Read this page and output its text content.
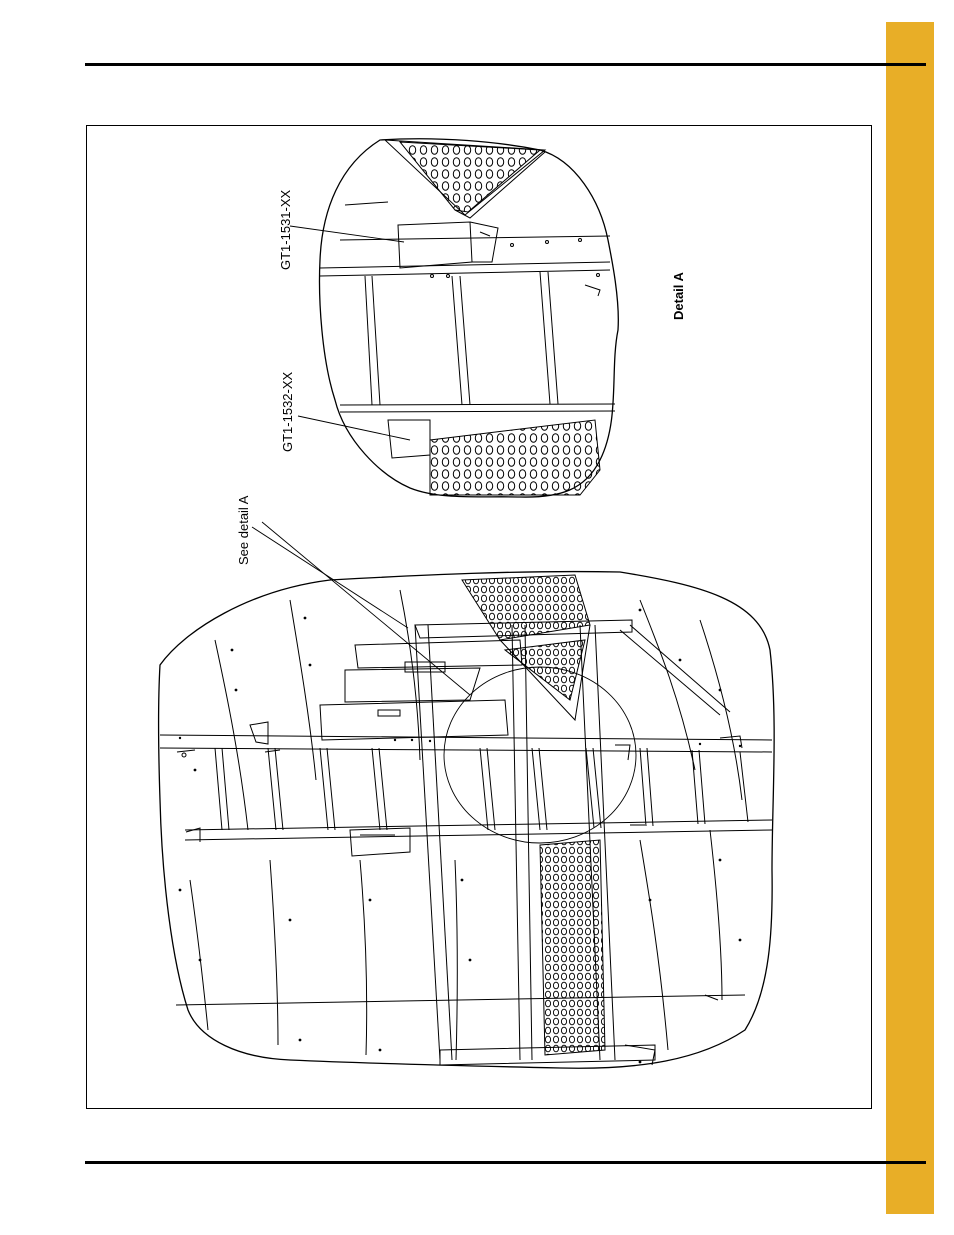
GT1-1531-XX
GT1-1532-XX
See detail A
Detail A
